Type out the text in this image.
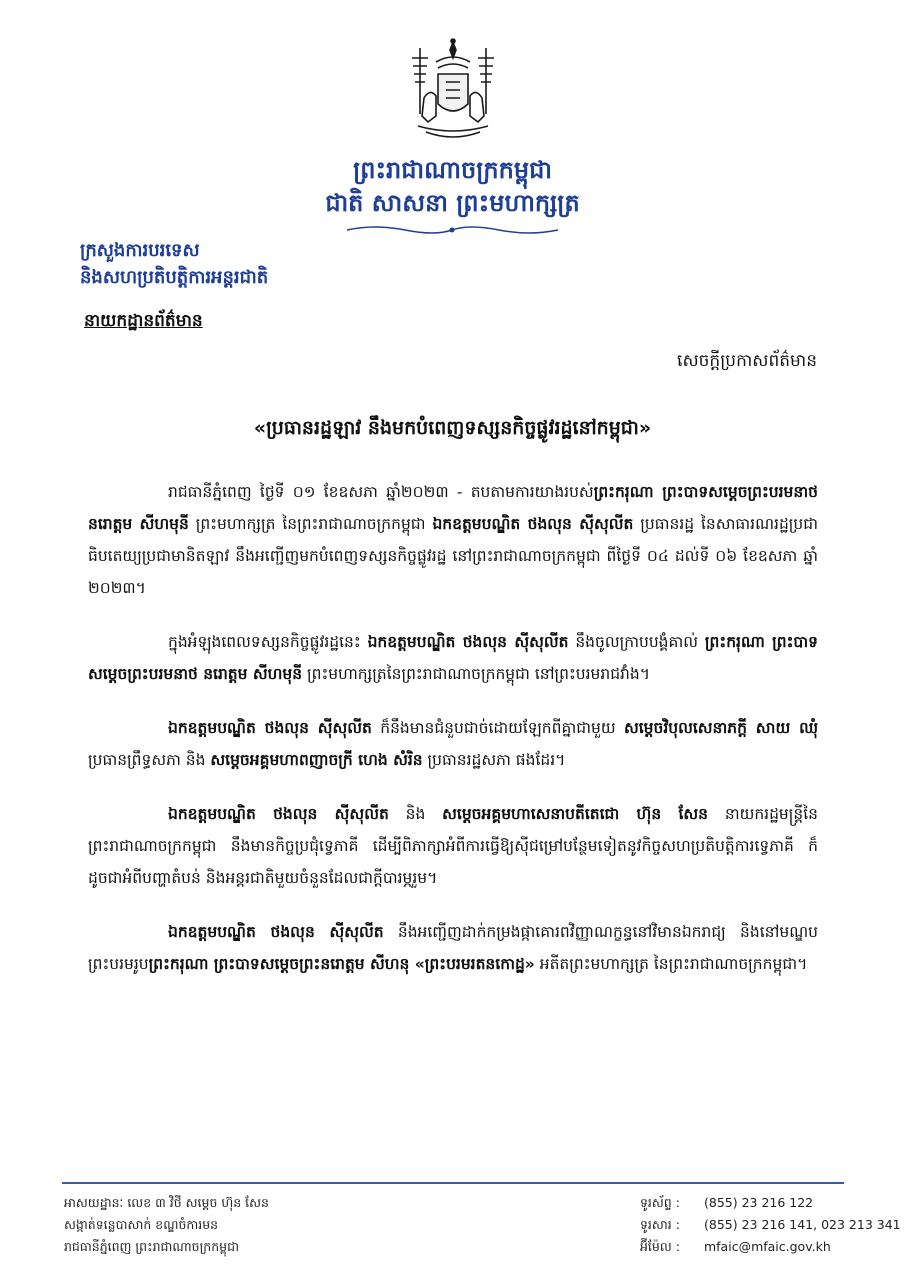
ព្រះរាជាណាចក្រកម្ពុជា
ជាតិ សាសនា ព្រះមហាក្សត្រ
ក្រសួងការបរទេស
និងសហប្រតិបត្តិការអន្តរជាតិ
នាយកដ្ឋានព័ត៌មាន
សេចក្តីប្រកាសព័ត៌មាន
«ប្រធានរដ្ឋឡាវ នឹងមកបំពេញទស្សនកិច្ចផ្លូវរដ្ឋនៅកម្ពុជា»

រាជធានីភ្នំពេញ ថ្ងៃទី ០១ ខែឧសភា ឆ្នាំ២០២៣ - តបតាមការយាងរបស់ព្រះករុណា ព្រះបាទសម្តេចព្រះបរមនាថ នរោត្តម សីហមុនី ព្រះមហាក្សត្រ នៃព្រះរាជាណាចក្រកម្ពុជា ឯកឧត្តមបណ្ឌិត ថងលុន ស៊ីសុលីត ប្រធានរដ្ឋ នៃសាធារណរដ្ឋប្រជាធិបតេយ្យប្រជាមានិតឡាវ នឹងអញ្ជើញមកបំពេញទស្សនកិច្ចផ្លូវរដ្ឋ នៅព្រះរាជាណាចក្រកម្ពុជា ពីថ្ងៃទី ០៤ ដល់ទី ០៦ ខែឧសភា ឆ្នាំ ២០២៣។

ក្នុងអំឡុងពេលទស្សនកិច្ចផ្លូវរដ្ឋនេះ ឯកឧត្តមបណ្ឌិត ថងលុន ស៊ីសុលីត នឹងចូលក្រាបបង្គំគាល់ ព្រះករុណា ព្រះបាទសម្តេចព្រះបរមនាថ នរោត្តម សីហមុនី ព្រះមហាក្សត្រនៃព្រះរាជាណាចក្រកម្ពុជា នៅព្រះបរមរាជវាំង។

ឯកឧត្តមបណ្ឌិត ថងលុន ស៊ីសុលីត ក៏នឹងមានជំនួបជាច់ដោយឡែកពីគ្នាជាមួយ សម្តេចវិបុលសេនាភក្តី សាយ ឈុំ ប្រធានព្រឹទ្ធសភា និង សម្តេចអគ្គមហាពញាចក្រី ហេង សំរិន ប្រធានរដ្ឋសភា ផងដែរ។

ឯកឧត្តមបណ្ឌិត ថងលុន ស៊ីសុលីត និង សម្តេចអគ្គមហាសេនាបតីតេជោ ហ៊ុន សែន នាយករដ្ឋមន្ត្រីនៃព្រះរាជាណាចក្រកម្ពុជា នឹងមានកិច្ចប្រជុំទ្វេភាគី ដើម្បីពិភាក្សាអំពីការធ្វើឱ្យស៊ីជម្រៅបន្ថែមទៀតនូវកិច្ចសហប្រតិបត្តិការទ្វេភាគី ក៏ដូចជាអំពីបញ្ហាតំបន់ និងអន្តរជាតិមួយចំនួនដែលជាក្តីបារម្ភរួម។

ឯកឧត្តមបណ្ឌិត ថងលុន ស៊ីសុលីត នឹងអញ្ជើញដាក់កម្រងផ្កាគោរពវិញ្ញាណក្ខន្ធនៅវិមានឯករាជ្យ និងនៅមណ្ឌបព្រះបរមរូបព្រះករុណា ព្រះបាទសម្តេចព្រះនរោត្តម សីហនុ «ព្រះបរមរតនកោដ្ឋ» អតីតព្រះមហាក្សត្រ នៃព្រះរាជាណាចក្រកម្ពុជា។

អាសយដ្ឋានៈ លេខ ៣ វិថី សម្តេច ហ៊ុន សែន
សង្កាត់ទន្លេបាសាក់ ខណ្ឌចំការមន
រាជធានីភ្នំពេញ ព្រះរាជាណាចក្រកម្ពុជា
ទូរស័ព្ទ : (855) 23 216 122
ទូរសារ : (855) 23 216 141, 023 213 341
អ៊ីម៉ែល : mfaic@mfaic.gov.kh
